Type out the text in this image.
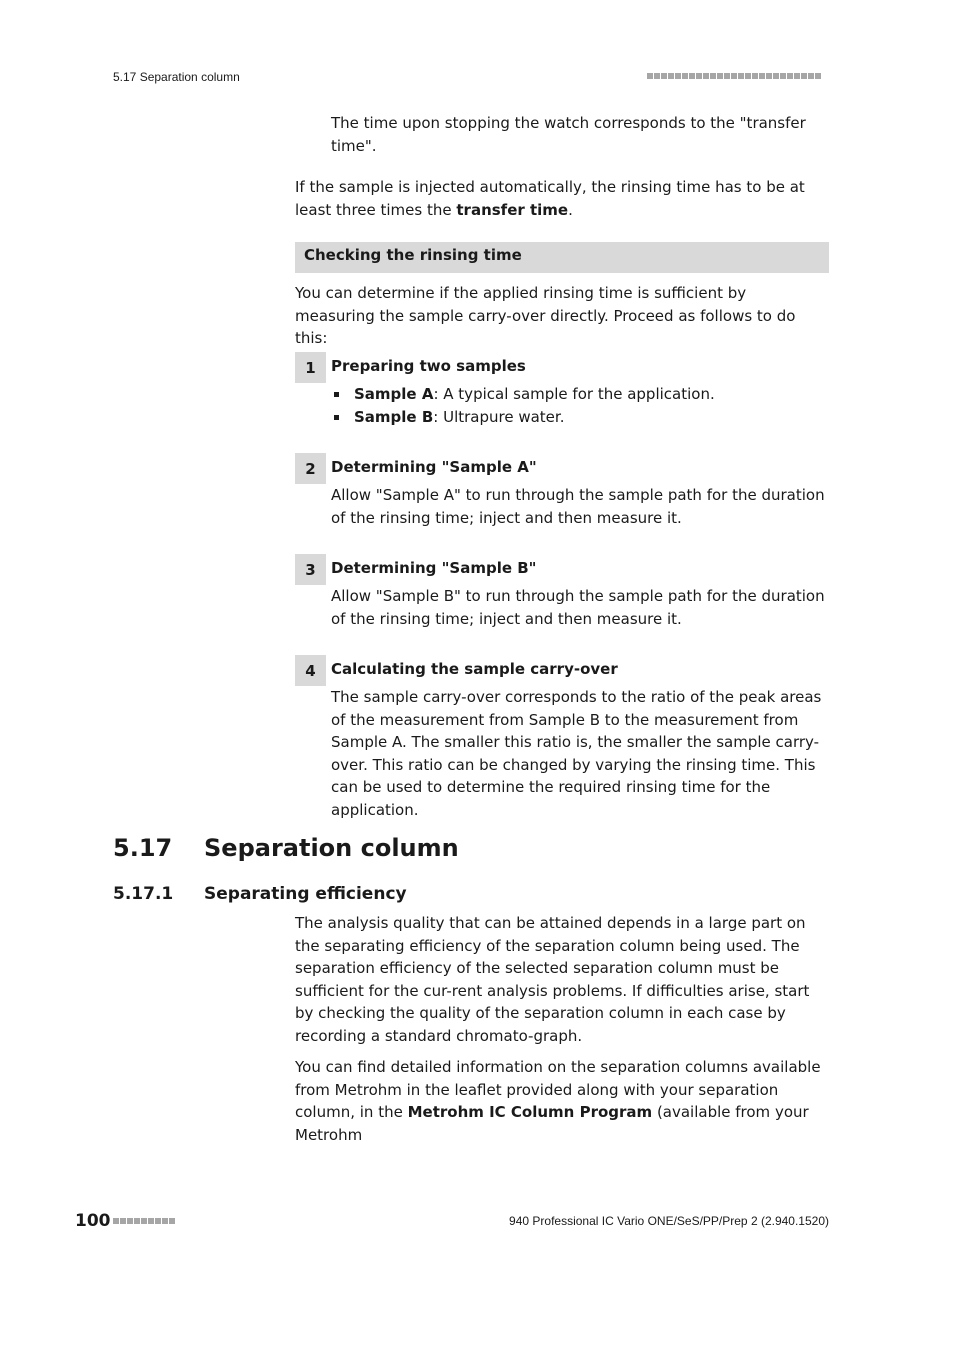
5.17 Separation column

The time upon stopping the watch corresponds to the "transfer time".

If the sample is injected automatically, the rinsing time has to be at least three times the transfer time.

Checking the rinsing time

You can determine if the applied rinsing time is sufficient by measuring the sample carry-over directly. Proceed as follows to do this:

1	Preparing two samples
Sample A: A typical sample for the application.
Sample B: Ultrapure water.
2	Determining "Sample A"

Allow "Sample A" to run through the sample path for the duration of the rinsing time; inject and then measure it.

3	Determining "Sample B"

Allow "Sample B" to run through the sample path for the duration of the rinsing time; inject and then measure it.

4	Calculating the sample carry-over

The sample carry-over corresponds to the ratio of the peak areas of the measurement from Sample B to the measurement from Sample A. The smaller this ratio is, the smaller the sample carry-over. This ratio can be changed by varying the rinsing time. This can be used to determine the required rinsing time for the application.

5.17 Separation column
5.17.1 Separating efficiency

The analysis quality that can be attained depends in a large part on the separating efficiency of the separation column being used. The separation efficiency of the selected separation column must be sufficient for the cur-rent analysis problems. If difficulties arise, start by checking the quality of the separation column in each case by recording a standard chromato-graph.

You can find detailed information on the separation columns available from Metrohm in the leaflet provided along with your separation column, in the Metrohm IC Column Program (available from your Metrohm

100	940 Professional IC Vario ONE/SeS/PP/Prep 2 (2.940.1520)
